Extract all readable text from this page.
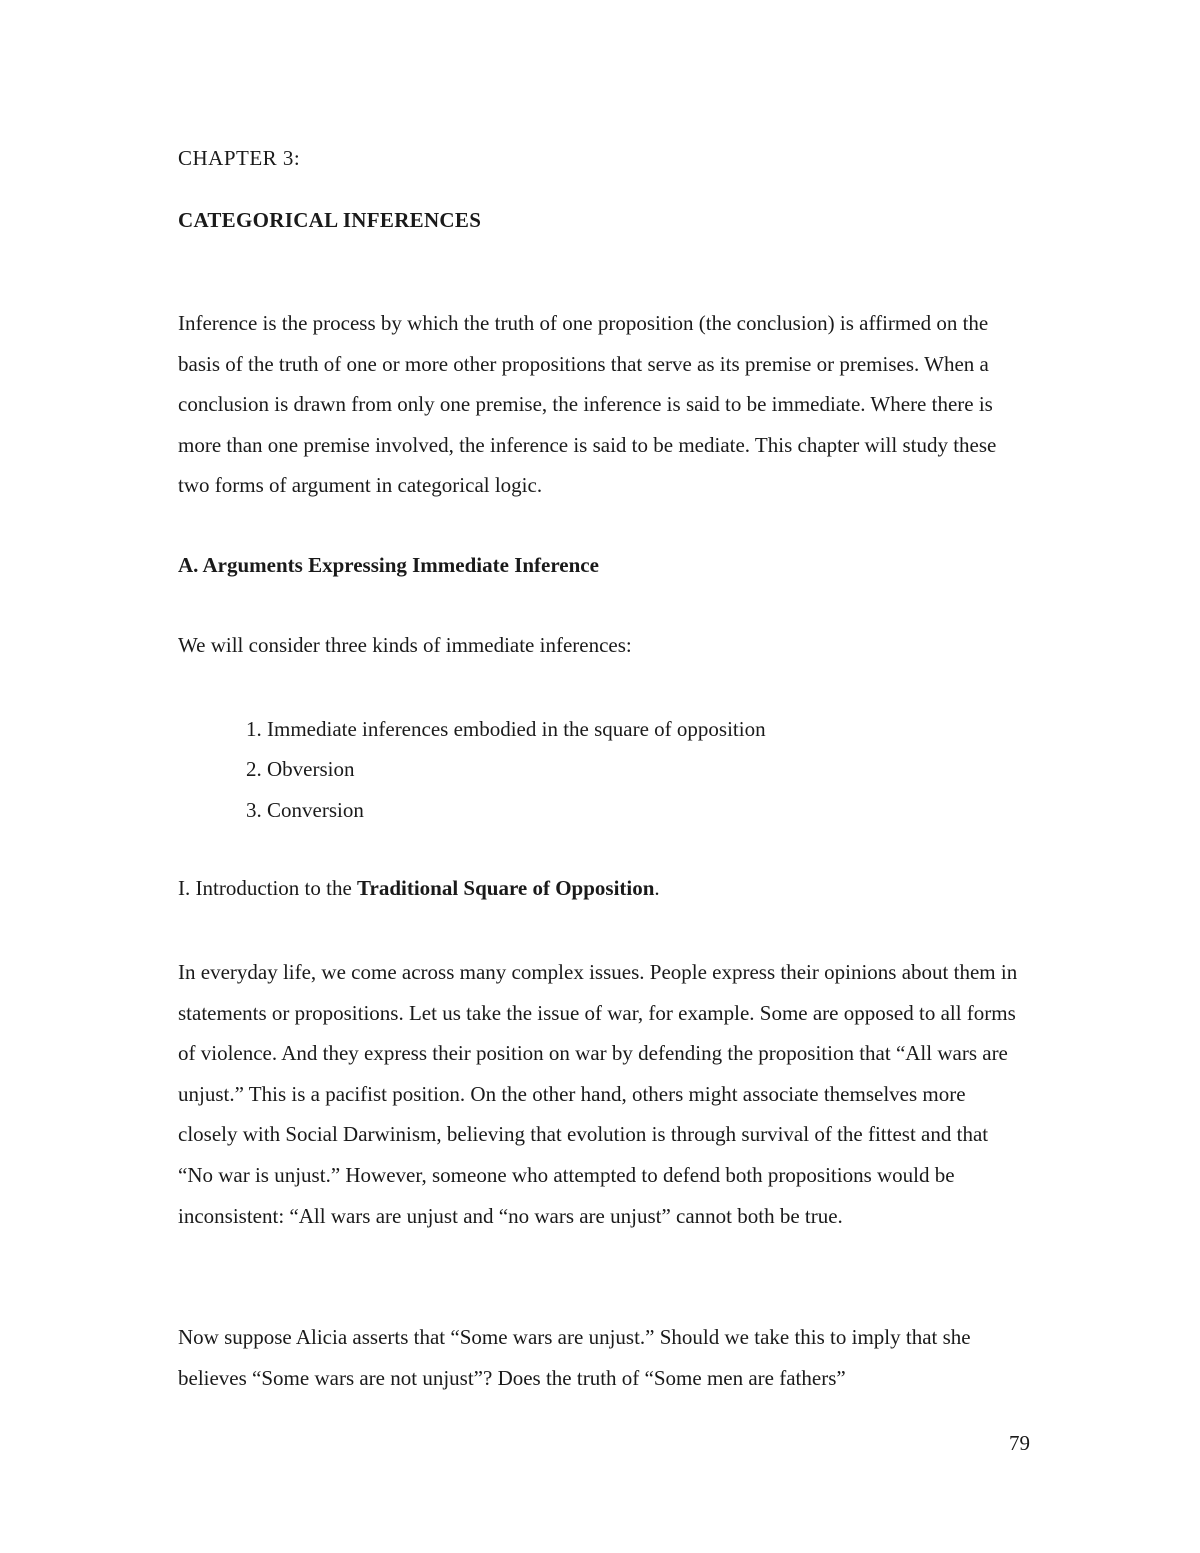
CHAPTER 3:

CATEGORICAL INFERENCES

Inference is the process by which the truth of one proposition (the conclusion) is affirmed on the basis of the truth of one or more other propositions that serve as its premise or premises. When a conclusion is drawn from only one premise, the inference is said to be immediate. Where there is more than one premise involved, the inference is said to be mediate. This chapter will study these two forms of argument in categorical logic.

A. Arguments Expressing Immediate Inference

We will consider three kinds of immediate inferences:

1. Immediate inferences embodied in the square of opposition
2. Obversion
3. Conversion

I. Introduction to the Traditional Square of Opposition.

In everyday life, we come across many complex issues. People express their opinions about them in statements or propositions. Let us take the issue of war, for example. Some are opposed to all forms of violence. And they express their position on war by defending the proposition that “All wars are unjust.” This is a pacifist position. On the other hand, others might associate themselves more closely with Social Darwinism, believing that evolution is through survival of the fittest and that “No war is unjust.” However, someone who attempted to defend both propositions would be inconsistent: “All wars are unjust and “no wars are unjust” cannot both be true.

Now suppose Alicia asserts that “Some wars are unjust.” Should we take this to imply that she believes “Some wars are not unjust”? Does the truth of “Some men are fathers”

79
